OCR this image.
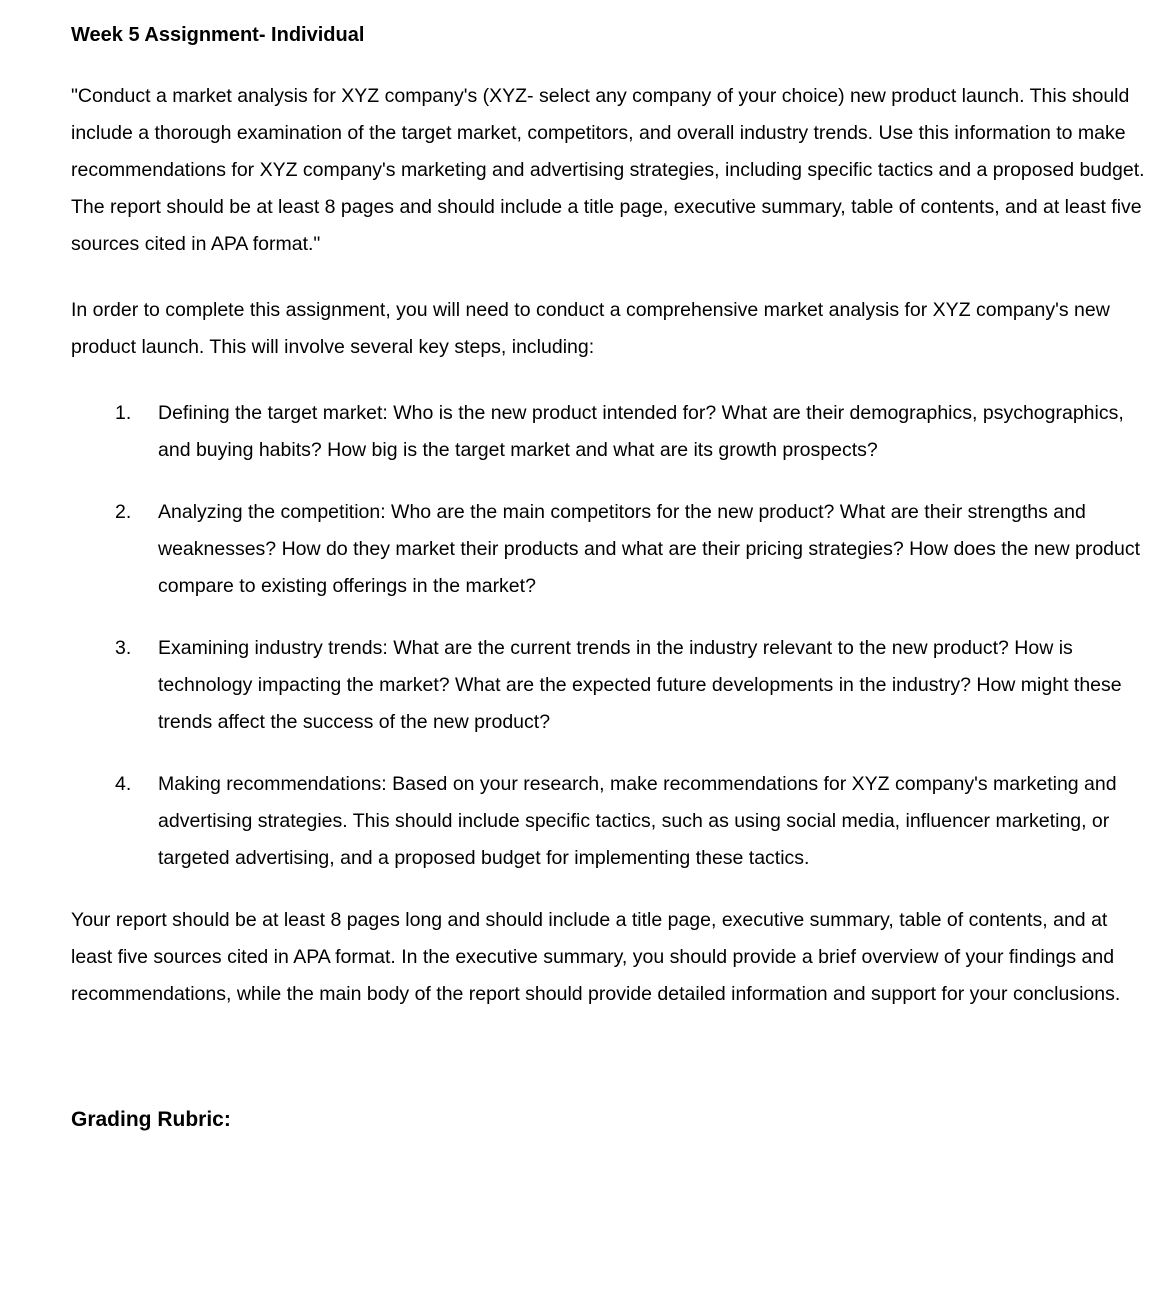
Week 5 Assignment- Individual

"Conduct a market analysis for XYZ company's (XYZ- select any company of your choice) new product launch. This should include a thorough examination of the target market, competitors, and overall industry trends. Use this information to make recommendations for XYZ company's marketing and advertising strategies, including specific tactics and a proposed budget. The report should be at least 8 pages and should include a title page, executive summary, table of contents, and at least five sources cited in APA format."

In order to complete this assignment, you will need to conduct a comprehensive market analysis for XYZ company's new product launch. This will involve several key steps, including:

1.	Defining the target market: Who is the new product intended for? What are their demographics, psychographics, and buying habits? How big is the target market and what are its growth prospects?
2.	Analyzing the competition: Who are the main competitors for the new product? What are their strengths and weaknesses? How do they market their products and what are their pricing strategies? How does the new product compare to existing offerings in the market?
3.	Examining industry trends: What are the current trends in the industry relevant to the new product? How is technology impacting the market? What are the expected future developments in the industry? How might these trends affect the success of the new product?
4.	Making recommendations: Based on your research, make recommendations for XYZ company's marketing and advertising strategies. This should include specific tactics, such as using social media, influencer marketing, or targeted advertising, and a proposed budget for implementing these tactics.

Your report should be at least 8 pages long and should include a title page, executive summary, table of contents, and at least five sources cited in APA format. In the executive summary, you should provide a brief overview of your findings and recommendations, while the main body of the report should provide detailed information and support for your conclusions.

Grading Rubric:
